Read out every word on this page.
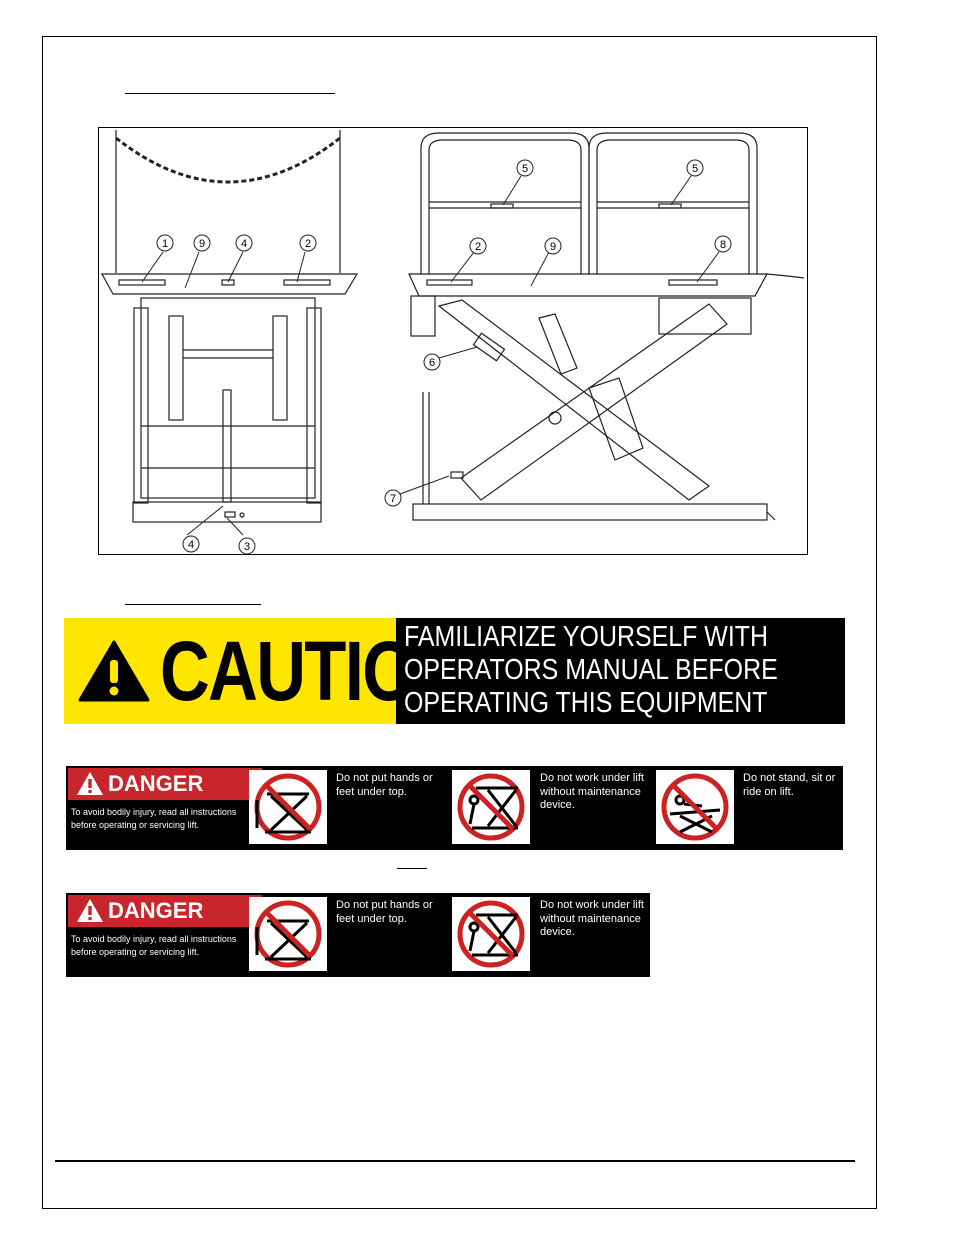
1	9	4	2
4	3
5	5
2	9	8
6
7
CAUTION
FAMILIARIZE YOURSELF WITH
OPERATORS MANUAL BEFORE
OPERATING THIS EQUIPMENT
DANGER
To avoid bodily injury, read all instructions before operating or servicing lift.
Do not put hands or feet under top.
Do not work under lift without maintenance device.
Do not stand, sit or ride on lift.
DANGER
To avoid bodily injury, read all instructions before operating or servicing lift.
Do not put hands or feet under top.
Do not work under lift without maintenance device.
